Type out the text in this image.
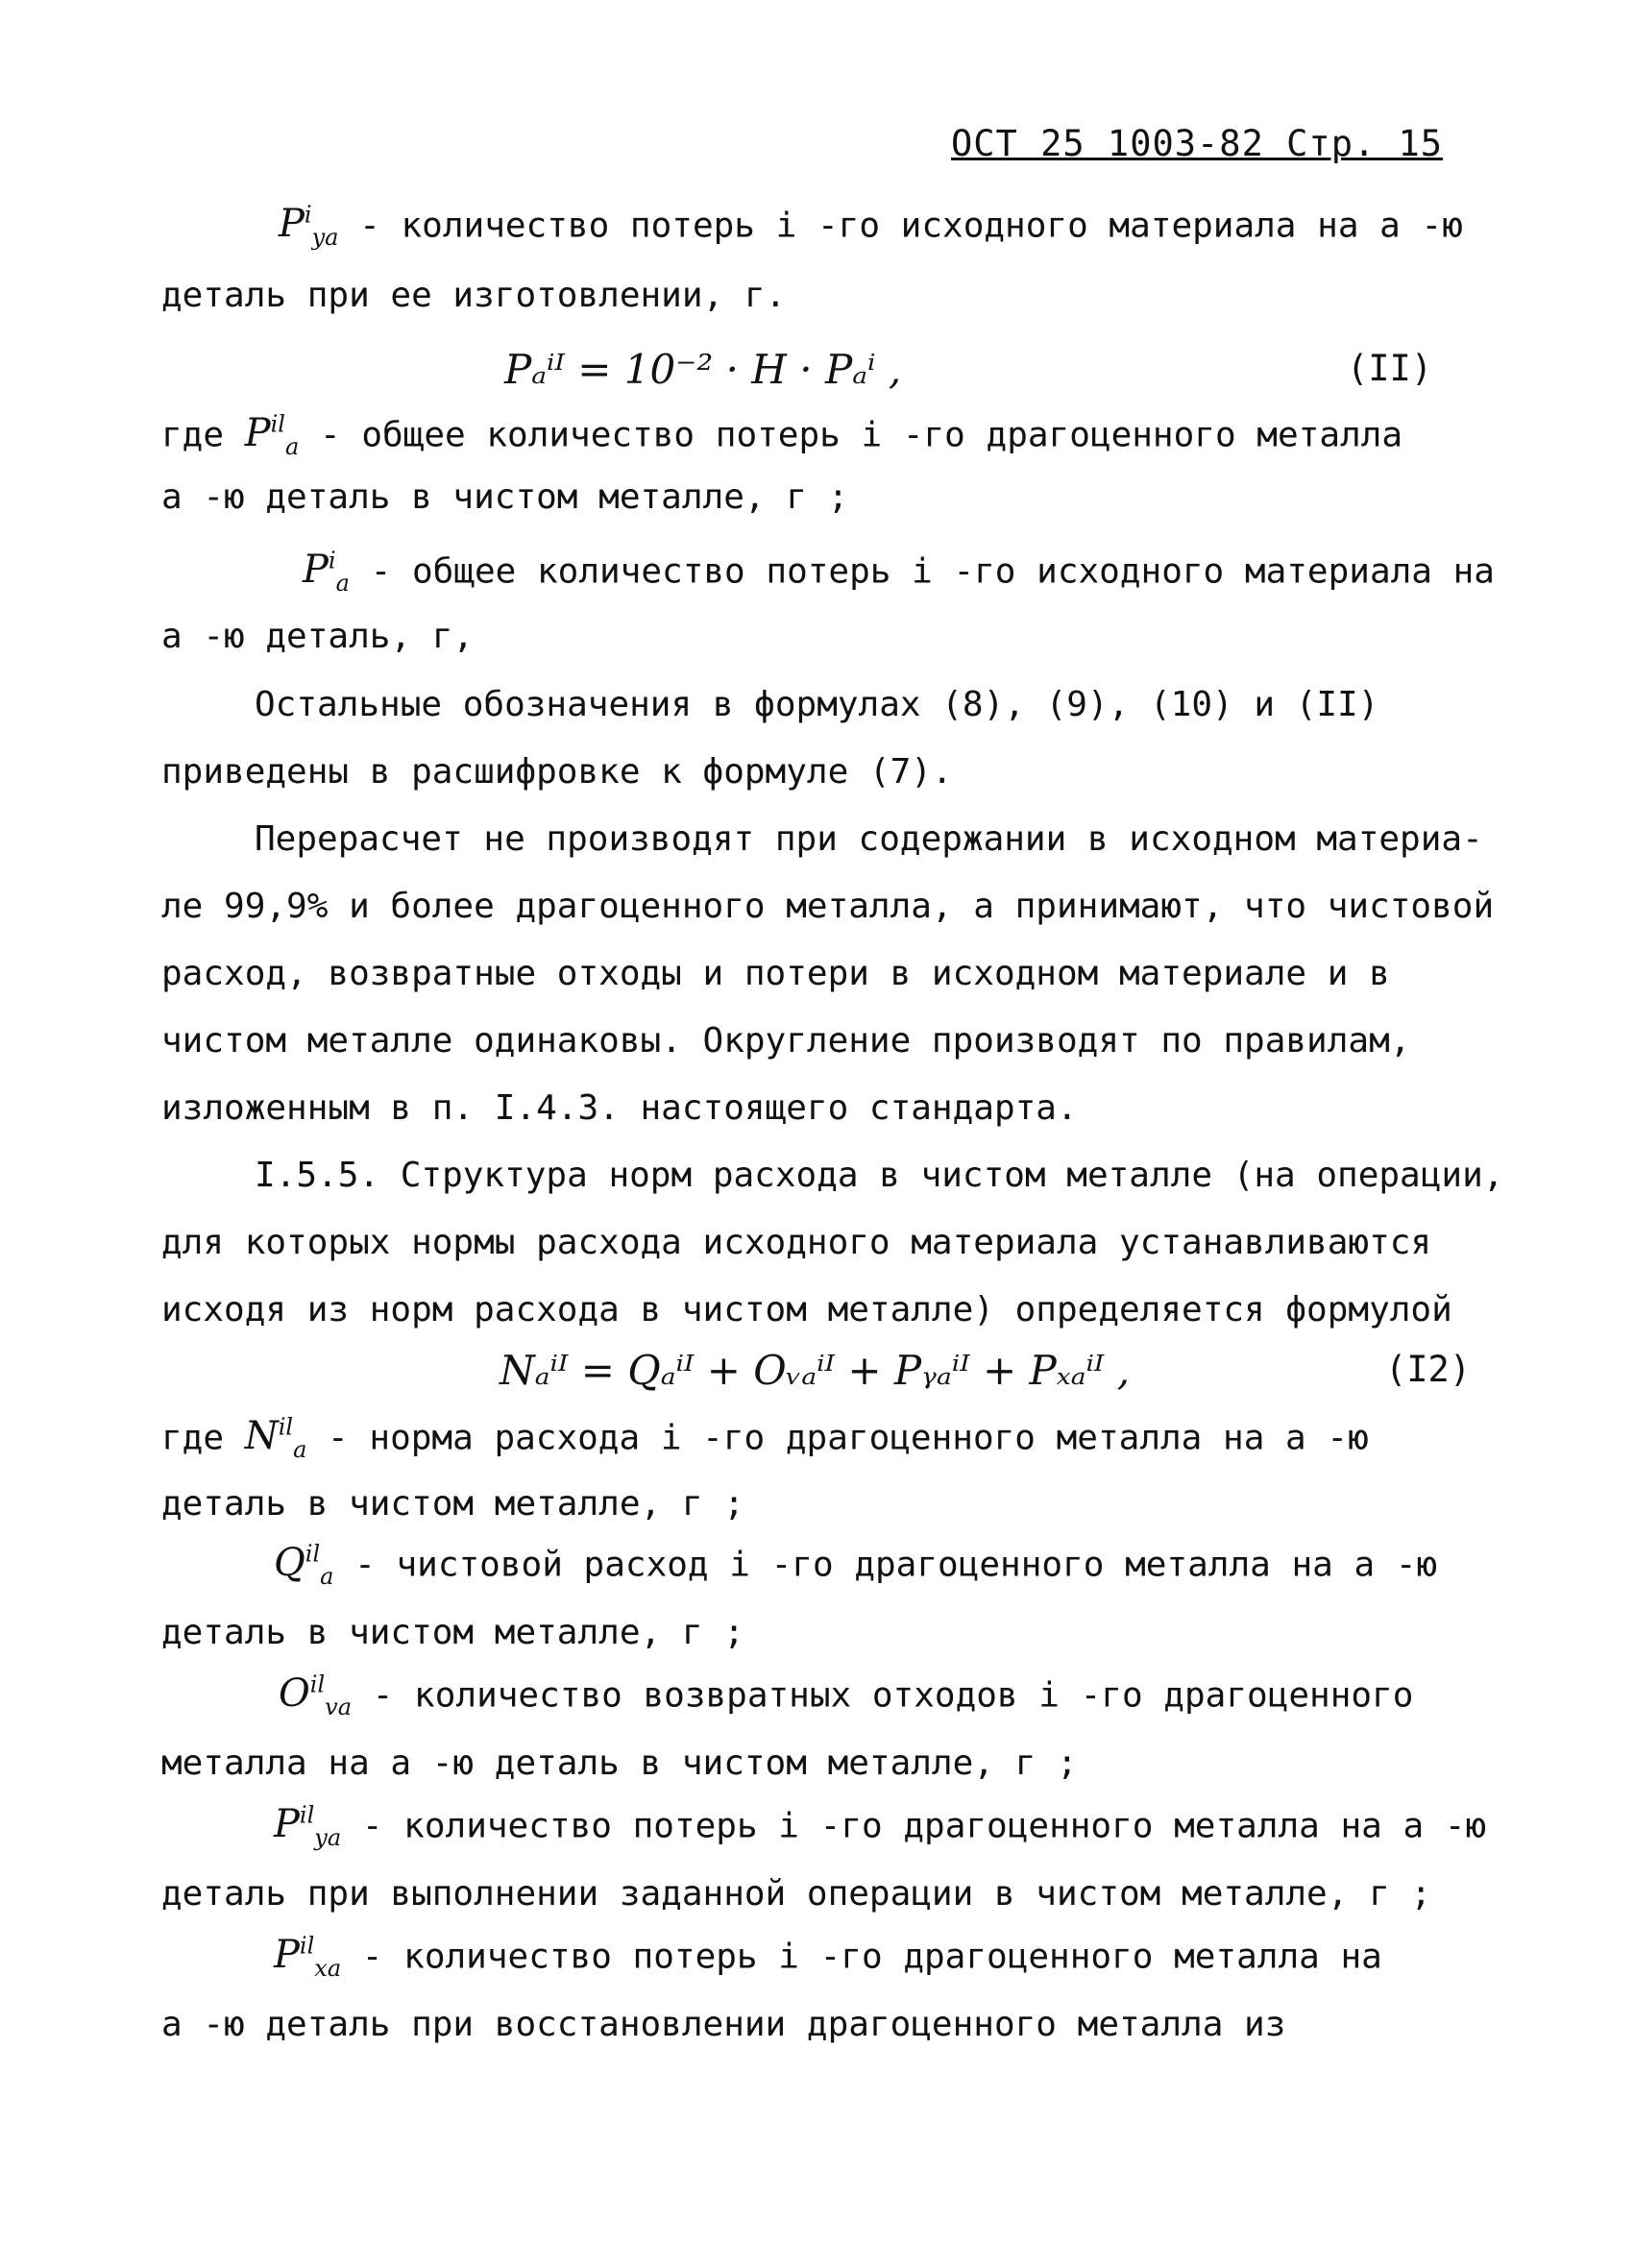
ОСТ 25 1003-82 Стр. 15
$P^i_{ya}$ - количество потерь i -го исходного материала на a -ю
деталь при ее изготовлении, г.
Pₐⁱᴵ = 10⁻² · H · Pₐⁱ ,	(II)
где $P^{il}_a$ - общее количество потерь i -го драгоценного металла
a -ю деталь в чистом металле, г ;
$P^i_a$ - общее количество потерь i -го исходного материала на
a -ю деталь, г,
Остальные обозначения в формулах (8), (9), (10) и (II)
приведены в расшифровке к формуле (7).
Перерасчет не производят при содержании в исходном материа-
ле 99,9% и более драгоценного металла, а принимают, что чистовой
расход, возвратные отходы и потери в исходном материале и в
чистом металле одинаковы. Округление производят по правилам,
изложенным в п. I.4.3. настоящего стандарта.
I.5.5. Структура норм расхода в чистом металле (на операции,
для которых нормы расхода исходного материала устанавливаются
исходя из норм расхода в чистом металле) определяется формулой
Nₐⁱᴵ = Qₐⁱᴵ + Oᵥₐⁱᴵ + Pᵧₐⁱᴵ + Pₓₐⁱᴵ ,	(I2)
где $N^{il}_a$ - норма расхода i -го драгоценного металла на a -ю
деталь в чистом металле, г ;
$Q^{il}_a$ - чистовой расход i -го драгоценного металла на a -ю
деталь в чистом металле, г ;
$O^{il}_{va}$ - количество возвратных отходов i -го драгоценного
металла на a -ю деталь в чистом металле, г ;
$P^{il}_{ya}$ - количество потерь i -го драгоценного металла на a -ю
деталь при выполнении заданной операции в чистом металле, г ;
$P^{il}_{xa}$ - количество потерь i -го драгоценного металла на
a -ю деталь при восстановлении драгоценного металла из
